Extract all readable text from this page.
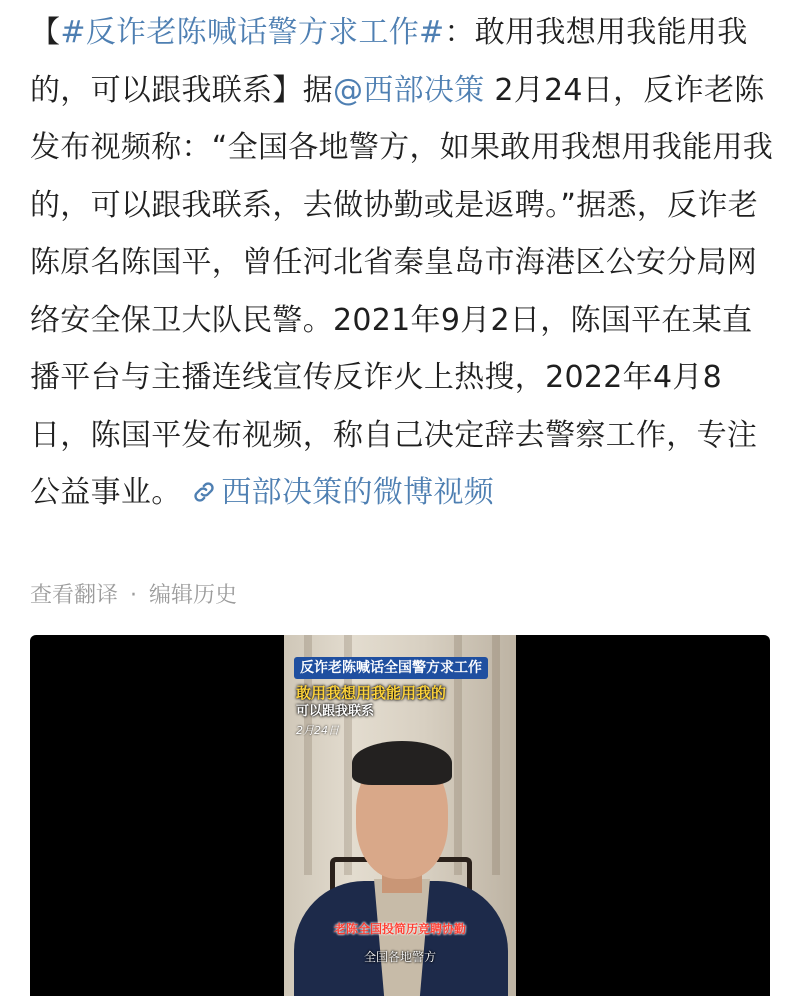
【#反诈老陈喊话警方求工作#：敢用我想用我能用我的，可以跟我联系】据@西部决策 2月24日，反诈老陈发布视频称：“全国各地警方，如果敢用我想用我能用我的，可以跟我联系，去做协勤或是返聘。”据悉，反诈老陈原名陈国平，曾任河北省秦皇岛市海港区公安分局网络安全保卫大队民警。2021年9月2日，陈国平在某直播平台与主播连线宣传反诈火上热搜，2022年4月8日，陈国平发布视频，称自己决定辞去警察工作，专注公益事业。 西部决策的微博视频
查看翻译 · 编辑历史
反诈老陈喊话全国警方求工作
敢用我想用我能用我的
可以跟我联系
2月24日
老陈全国投简历竞聘协勤
全国各地警方
